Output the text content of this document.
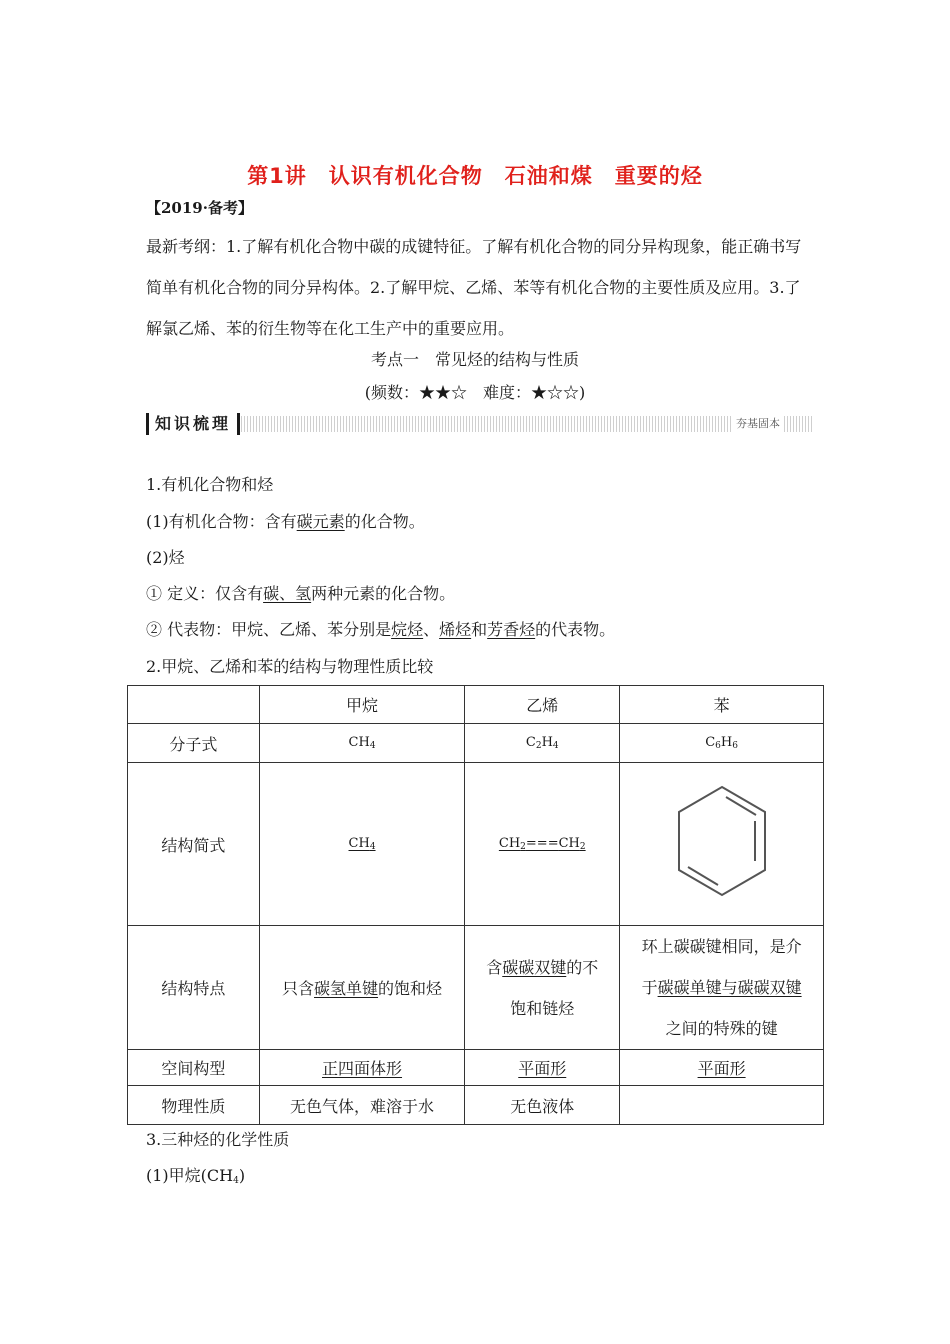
第1讲　认识有机化合物　石油和煤　重要的烃
【2019·备考】
最新考纲：1.了解有机化合物中碳的成键特征。了解有机化合物的同分异构现象，能正确书写简单有机化合物的同分异构体。2.了解甲烷、乙烯、苯等有机化合物的主要性质及应用。3.了解氯乙烯、苯的衍生物等在化工生产中的重要应用。
考点一　常见烃的结构与性质
(频数：★★☆　难度：★☆☆)
知识梳理	夯基固本
1.有机化合物和烃
(1)有机化合物：含有碳元素的化合物。
(2)烃
① 定义：仅含有碳、氢两种元素的化合物。
② 代表物：甲烷、乙烯、苯分别是烷烃、烯烃和芳香烃的代表物。
2.甲烷、乙烯和苯的结构与物理性质比较
	甲烷	乙烯	苯
分子式	$CH_4$	$C_2H_4$	$C_6H_6$
结构简式	$CH_4$	$CH_2===CH_2$	
结构特点	只含碳氢单键的饱和烃	含碳碳双键的不饱和链烃	环上碳碳键相同，是介于碳碳单键与碳碳双键之间的特殊的键
空间构型	正四面体形	平面形	平面形
物理性质	无色气体，难溶于水	无色液体	
3.三种烃的化学性质
(1)甲烷$(CH_4)$
